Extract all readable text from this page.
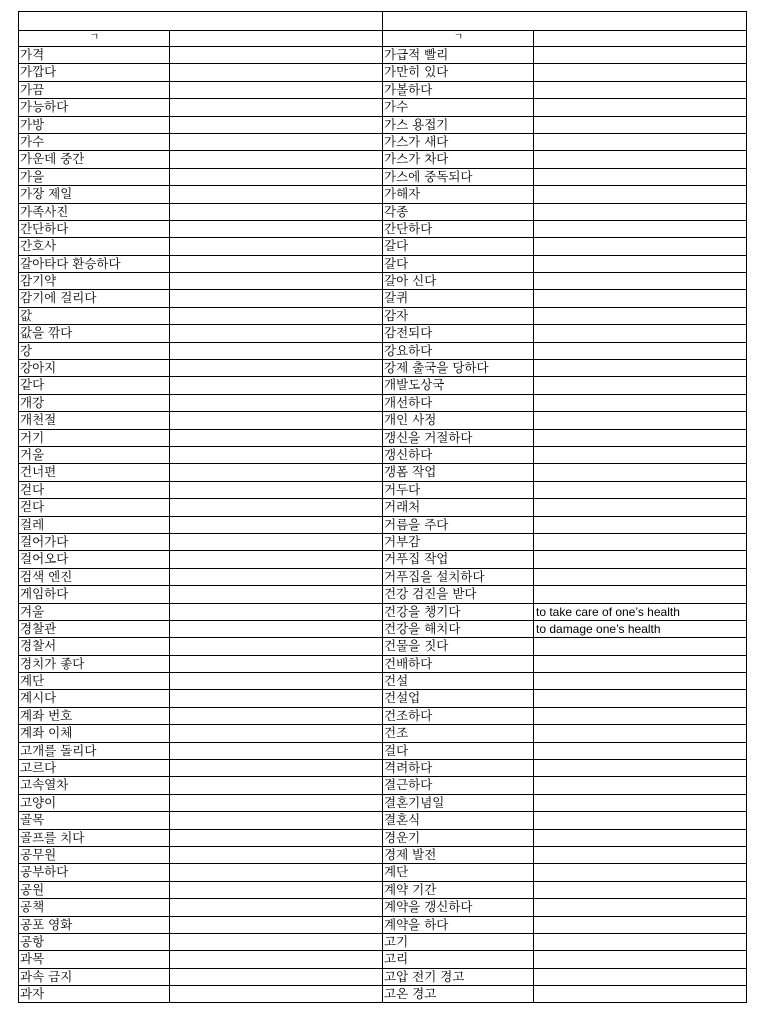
ㄱ
가격
가깝다
가끔
가능하다
가방
가수
가운데 중간
가을
가장 제일
가족사진
간단하다
간호사
갈아타다 환승하다
감기약
감기에 걸리다
값
값을 깎다
강
강아지
같다
개강
개천절
거기
거울
건너편
걷다
걷다
걸레
걸어가다
걸어오다
검색 엔진
게임하다
겨울
경찰관
경찰서
경치가 좋다
계단
계시다
계좌 번호
계좌 이체
고개를 돌리다
고르다
고속열차
고양이
골목
골프를 치다
공무원
공부하다
공원
공책
공포 영화
공항
과목
과속 금지
과자
ㄱ
가급적 빨리
가만히 있다
가볼하다
가수
가스 용접기
가스가 새다
가스가 차다
가스에 중독되다
가해자
각종
간단하다
갈다
갈다
갈아 신다
갈퀴
감자
감전되다
강요하다
강제 출국을 당하다
개발도상국
개선하다
개인 사정
갱신을 거절하다
갱신하다
갱폼 작업
거두다
거래처
거름을 주다
거부감
거푸집 작업
거푸집을 설치하다
건강 검진을 받다
건강을 챙기다	to take care of one’s health
건강을 해치다	to damage one’s health
건물을 짓다
건배하다
건설
건설업
건조하다
건조
걸다
격려하다
결근하다
결혼기념일
결혼식
경운기
경제 발전
계단
계약 기간
계약을 갱신하다
계약을 하다
고기
고리
고압 전기 경고
고온 경고
